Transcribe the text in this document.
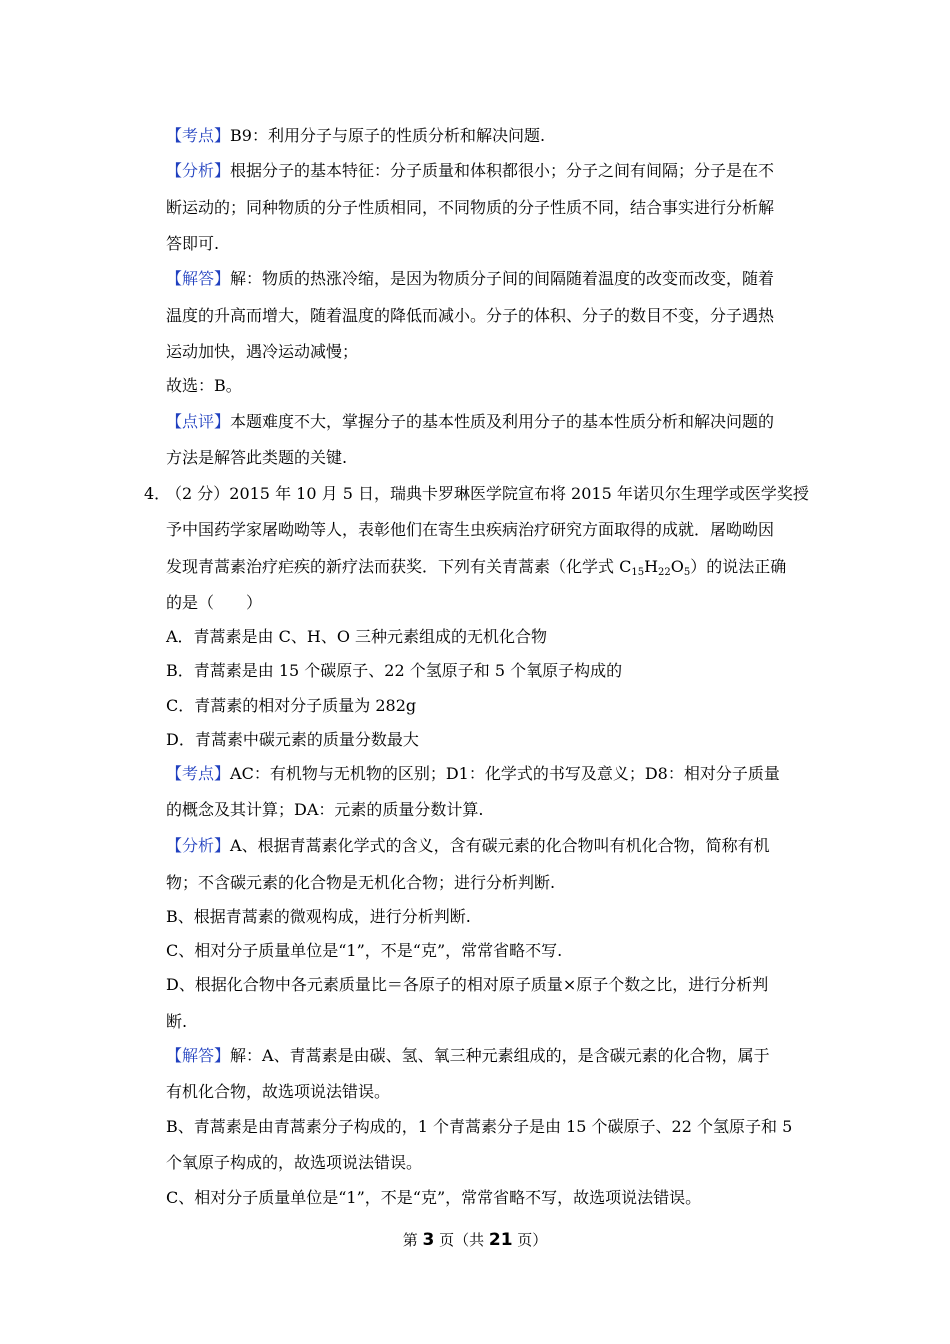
【考点】B9：利用分子与原子的性质分析和解决问题.
【分析】根据分子的基本特征：分子质量和体积都很小；分子之间有间隔；分子是在不
断运动的；同种物质的分子性质相同，不同物质的分子性质不同，结合事实进行分析解
答即可.
【解答】解：物质的热涨冷缩，是因为物质分子间的间隔随着温度的改变而改变，随着
温度的升高而增大，随着温度的降低而减小。分子的体积、分子的数目不变，分子遇热
运动加快，遇冷运动减慢；
故选：B。
【点评】本题难度不大，掌握分子的基本性质及利用分子的基本性质分析和解决问题的
方法是解答此类题的关键.
4．
（2 分）2015 年 10 月 5 日，瑞典卡罗琳医学院宣布将 2015 年诺贝尔生理学或医学奖授
予中国药学家屠呦呦等人，表彰他们在寄生虫疾病治疗研究方面取得的成就．屠呦呦因
发现青蒿素治疗疟疾的新疗法而获奖．下列有关青蒿素（化学式 $C_{15}H_{22}O_5$）的说法正确
的是（　　）
A．青蒿素是由 C、H、O 三种元素组成的无机化合物
B．青蒿素是由 15 个碳原子、22 个氢原子和 5 个氧原子构成的
C．青蒿素的相对分子质量为 282g
D．青蒿素中碳元素的质量分数最大
【考点】AC：有机物与无机物的区别；D1：化学式的书写及意义；D8：相对分子质量
的概念及其计算；DA：元素的质量分数计算.
【分析】A、根据青蒿素化学式的含义，含有碳元素的化合物叫有机化合物，简称有机
物；不含碳元素的化合物是无机化合物；进行分析判断.
B、根据青蒿素的微观构成，进行分析判断.
C、相对分子质量单位是“1”，不是“克”，常常省略不写.
D、根据化合物中各元素质量比＝各原子的相对原子质量×原子个数之比，进行分析判
断.
【解答】解：A、青蒿素是由碳、氢、氧三种元素组成的，是含碳元素的化合物，属于
有机化合物，故选项说法错误。
B、青蒿素是由青蒿素分子构成的，1 个青蒿素分子是由 15 个碳原子、22 个氢原子和 5
个氧原子构成的，故选项说法错误。
C、相对分子质量单位是“1”，不是“克”，常常省略不写，故选项说法错误。
第 3 页（共 21 页）
